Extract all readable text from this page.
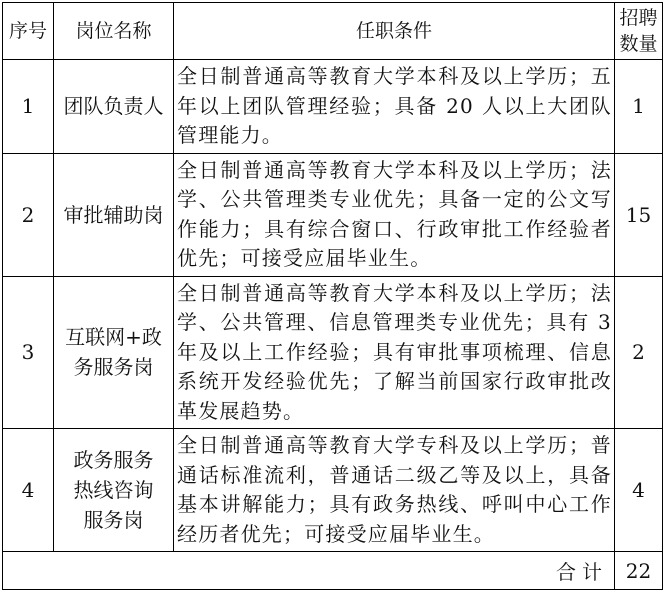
序号	岗位名称	任职条件	招聘数量
1	团队负责人	全日制普通高等教育大学本科及以上学历；五年以上团队管理经验；具备 20 人以上大团队管理能力。	1
2	审批辅助岗	全日制普通高等教育大学本科及以上学历；法学、公共管理类专业优先；具备一定的公文写作能力；具有综合窗口、行政审批工作经验者优先；可接受应届毕业生。	15
3	互联网+政务服务岗	全日制普通高等教育大学本科及以上学历；法学、公共管理、信息管理类专业优先；具有 3 年及以上工作经验；具有审批事项梳理、信息系统开发经验优先；了解当前国家行政审批改革发展趋势。	2
4	政务服务热线咨询服务岗	全日制普通高等教育大学专科及以上学历；普通话标准流利，普通话二级乙等及以上，具备基本讲解能力；具有政务热线、呼叫中心工作经历者优先；可接受应届毕业生。	4
合计			22
